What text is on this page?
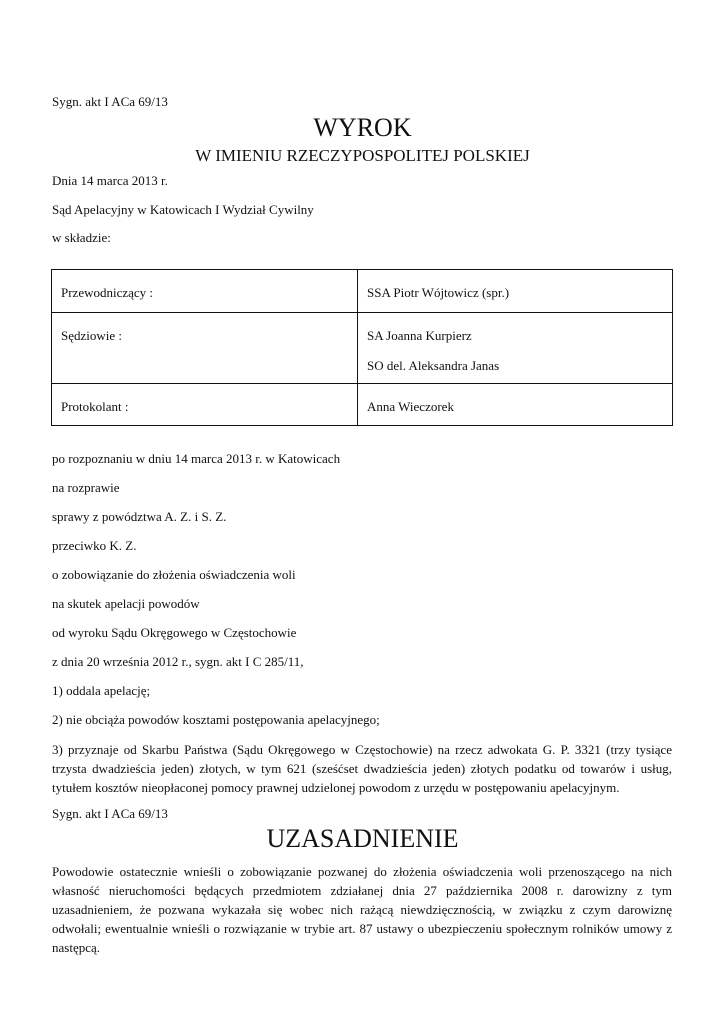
Sygn. akt I ACa 69/13
WYROK
W IMIENIU RZECZYPOSPOLITEJ POLSKIEJ
Dnia 14 marca 2013 r.
Sąd Apelacyjny w Katowicach I Wydział Cywilny
w składzie:
Przewodniczący :	SSA Piotr Wójtowicz (spr.)

Sędziowie :	SA Joanna Kurpierz
SO del. Aleksandra Janas

Protokolant :	Anna Wieczorek
po rozpoznaniu w dniu 14 marca 2013 r. w Katowicach
na rozprawie
sprawy z powództwa A. Z. i S. Z.
przeciwko K. Z.
o zobowiązanie do złożenia oświadczenia woli
na skutek apelacji powodów
od wyroku Sądu Okręgowego w Częstochowie
z dnia 20 września 2012 r., sygn. akt I C 285/11,
1) oddala apelację;
2) nie obciąża powodów kosztami postępowania apelacyjnego;
3) przyznaje od Skarbu Państwa (Sądu Okręgowego w Częstochowie) na rzecz adwokata G. P. 3321 (trzy tysiące trzysta dwadzieścia jeden) złotych, w tym 621 (sześćset dwadzieścia jeden) złotych podatku od towarów i usług, tytułem kosztów nieopłaconej pomocy prawnej udzielonej powodom z urzędu w postępowaniu apelacyjnym.
Sygn. akt I ACa 69/13
UZASADNIENIE
Powodowie ostatecznie wnieśli o zobowiązanie pozwanej do złożenia oświadczenia woli przenoszącego na nich własność nieruchomości będących przedmiotem zdziałanej dnia 27 października 2008 r. darowizny z tym uzasadnieniem, że pozwana wykazała się wobec nich rażącą niewdzięcznością, w związku z czym darowiznę odwołali; ewentualnie wnieśli o rozwiązanie w trybie art. 87 ustawy o ubezpieczeniu społecznym rolników umowy z następcą.
